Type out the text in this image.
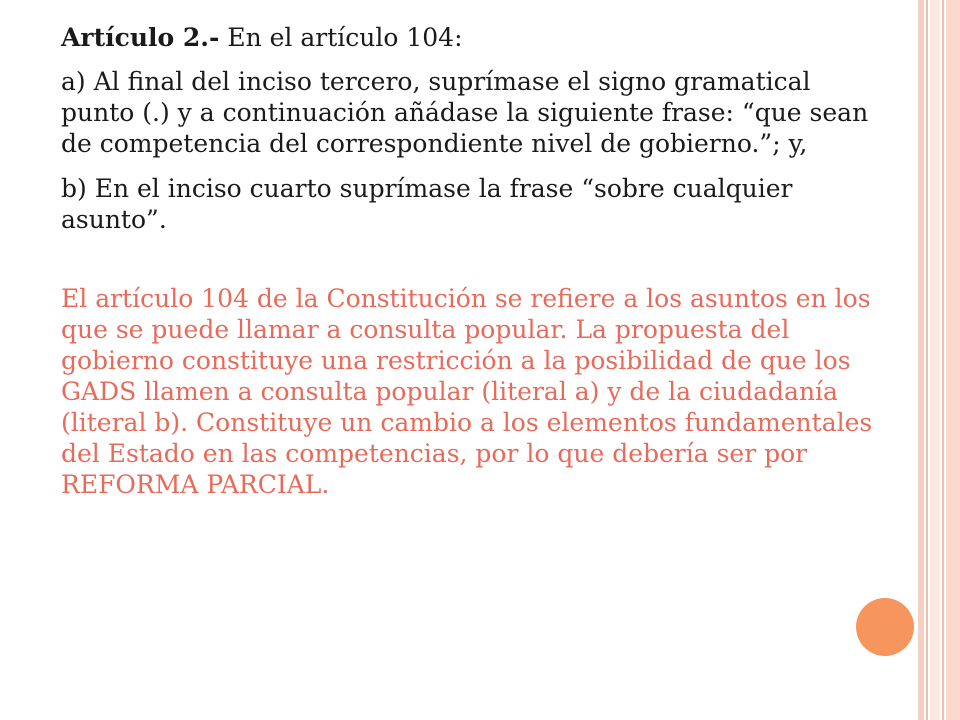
Artículo 2.- En el artículo 104:

a) Al final del inciso tercero, suprímase el signo gramatical punto (.) y a continuación añádase la siguiente frase: “que sean de competencia del correspondiente nivel de gobierno.”; y,

b) En el inciso cuarto suprímase la frase “sobre cualquier asunto”.

El artículo 104 de la Constitución se refiere a los asuntos en los que se puede llamar a consulta popular. La propuesta del gobierno constituye una restricción a la posibilidad de que los GADS llamen a consulta popular (literal a) y de la ciudadanía (literal b). Constituye un cambio a los elementos fundamentales del Estado en las competencias, por lo que debería ser por REFORMA PARCIAL.
